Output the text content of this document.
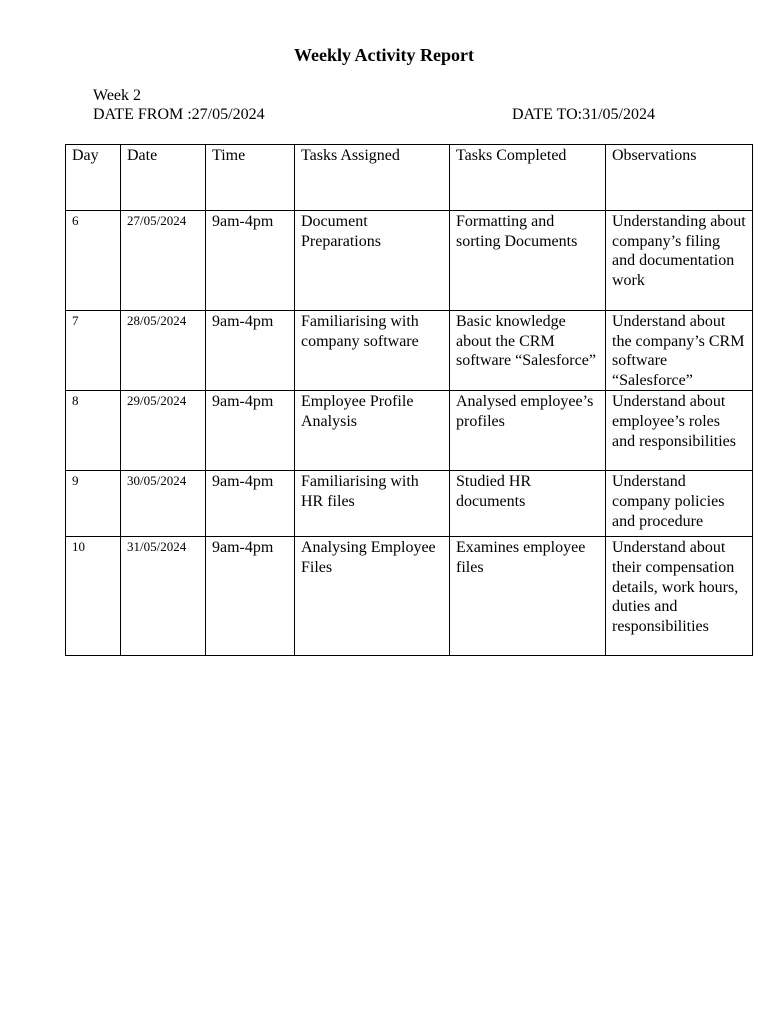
Weekly Activity Report
Week 2
DATE FROM :27/05/2024	DATE TO:31/05/2024
Day	Date	Time	Tasks Assigned	Tasks Completed	Observations
6	27/05/2024	9am-4pm	Document Preparations	Formatting and sorting Documents	Understanding about company’s filing and documentation work
7	28/05/2024	9am-4pm	Familiarising with company software	Basic knowledge about the CRM software “Salesforce”	Understand about the company’s CRM software “Salesforce”
8	29/05/2024	9am-4pm	Employee Profile Analysis	Analysed employee’s profiles	Understand about employee’s roles and responsibilities
9	30/05/2024	9am-4pm	Familiarising with HR files	Studied HR documents	Understand company policies and procedure
10	31/05/2024	9am-4pm	Analysing Employee Files	Examines employee files	Understand about their compensation details, work hours, duties and responsibilities
